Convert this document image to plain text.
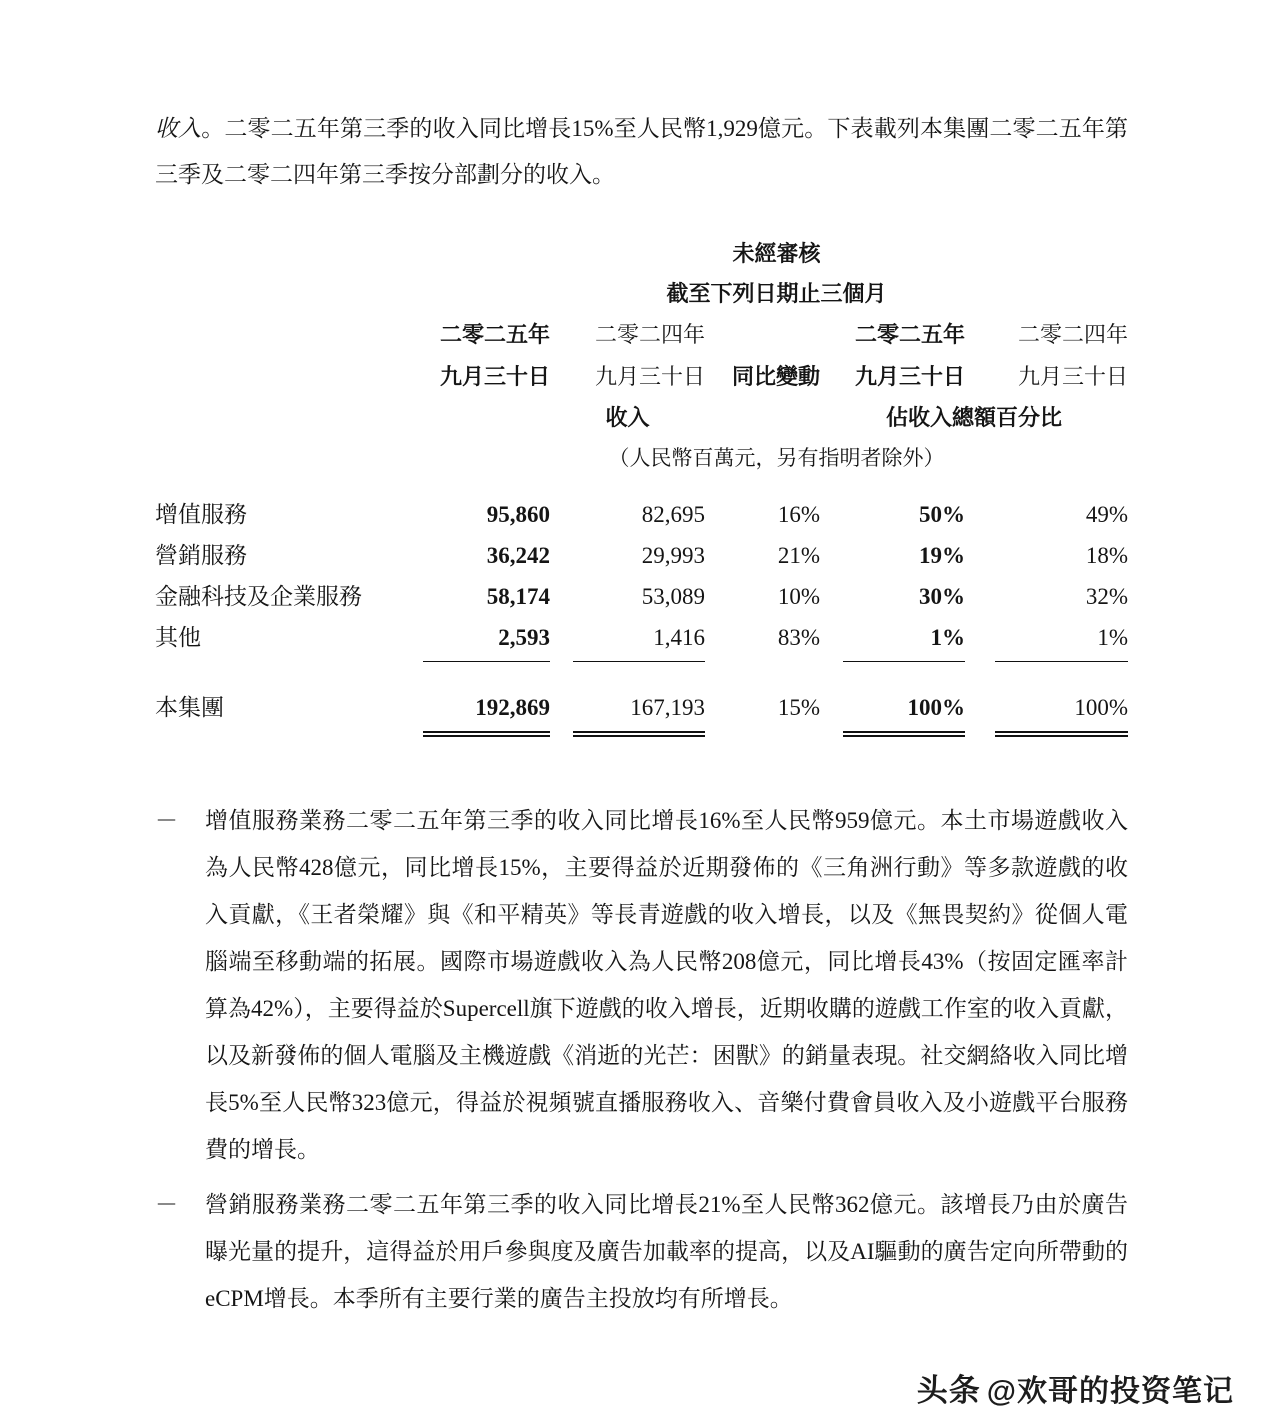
收入。二零二五年第三季的收入同比增長15%至人民幣1,929億元。下表載列本集團二零二五年第三季及二零二四年第三季按分部劃分的收入。

未經審核
截至下列日期止三個月
二零二五年	二零二四年	二零二五年	二零二四年
九月三十日	九月三十日	同比變動	九月三十日	九月三十日
收入	佔收入總額百分比
（人民幣百萬元，另有指明者除外）
增值服務	95,860	82,695	16%	50%	49%
營銷服務	36,242	29,993	21%	19%	18%
金融科技及企業服務	58,174	53,089	10%	30%	32%
其他	2,593	1,416	83%	1%	1%
本集團	192,869	167,193	15%	100%	100%
－	增值服務業務二零二五年第三季的收入同比增長16%至人民幣959億元。本土市場遊戲收入為人民幣428億元，同比增長15%，主要得益於近期發佈的《三角洲行動》等多款遊戲的收入貢獻，《王者榮耀》與《和平精英》等長青遊戲的收入增長，以及《無畏契約》從個人電腦端至移動端的拓展。國際市場遊戲收入為人民幣208億元，同比增長43%（按固定匯率計算為42%），主要得益於Supercell旗下遊戲的收入增長，近期收購的遊戲工作室的收入貢獻，以及新發佈的個人電腦及主機遊戲《消逝的光芒：困獸》的銷量表現。社交網絡收入同比增長5%至人民幣323億元，得益於視頻號直播服務收入、音樂付費會員收入及小遊戲平台服務費的增長。

－	營銷服務業務二零二五年第三季的收入同比增長21%至人民幣362億元。該增長乃由於廣告曝光量的提升，這得益於用戶參與度及廣告加載率的提高，以及AI驅動的廣告定向所帶動的eCPM增長。本季所有主要行業的廣告主投放均有所增長。

头条 @欢哥的投资笔记
